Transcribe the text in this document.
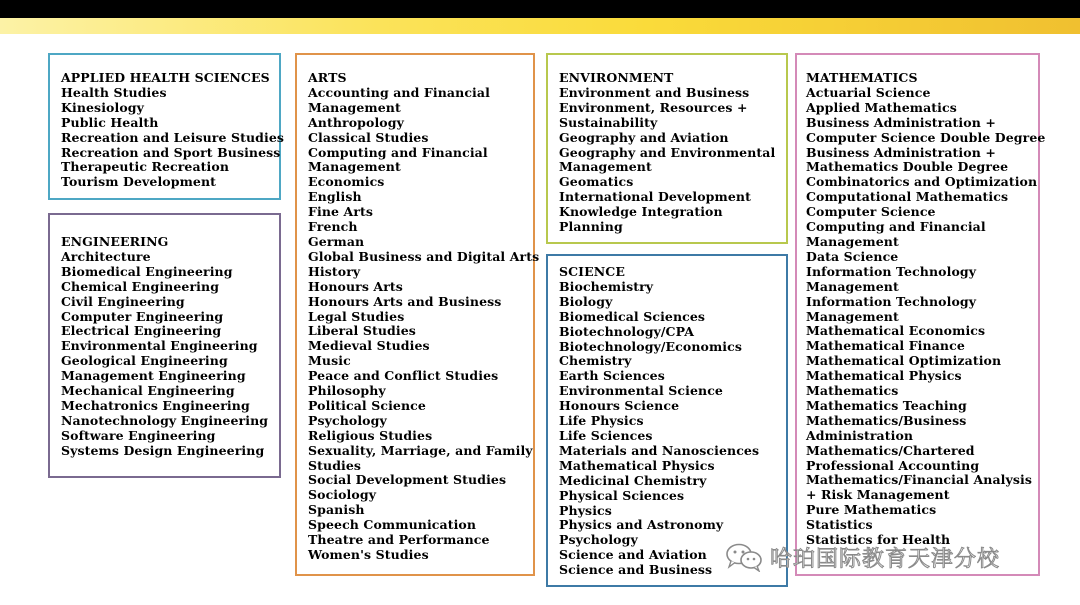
APPLIED HEALTH SCIENCES
Health Studies
Kinesiology
Public Health
Recreation and Leisure Studies
Recreation and Sport Business
Therapeutic Recreation
Tourism Development
ENGINEERING
Architecture
Biomedical Engineering
Chemical Engineering
Civil Engineering
Computer Engineering
Electrical Engineering
Environmental Engineering
Geological Engineering
Management Engineering
Mechanical Engineering
Mechatronics Engineering
Nanotechnology Engineering
Software Engineering
Systems Design Engineering
ARTS
Accounting and Financial
Management
Anthropology
Classical Studies
Computing and Financial
Management
Economics
English
Fine Arts
French
German
Global Business and Digital Arts
History
Honours Arts
Honours Arts and Business
Legal Studies
Liberal Studies
Medieval Studies
Music
Peace and Conflict Studies
Philosophy
Political Science
Psychology
Religious Studies
Sexuality, Marriage, and Family
Studies
Social Development Studies
Sociology
Spanish
Speech Communication
Theatre and Performance
Women's Studies
ENVIRONMENT
Environment and Business
Environment, Resources +
Sustainability
Geography and Aviation
Geography and Environmental
Management
Geomatics
International Development
Knowledge Integration
Planning
SCIENCE
Biochemistry
Biology
Biomedical Sciences
Biotechnology/CPA
Biotechnology/Economics
Chemistry
Earth Sciences
Environmental Science
Honours Science
Life Physics
Life Sciences
Materials and Nanosciences
Mathematical Physics
Medicinal Chemistry
Physical Sciences
Physics
Physics and Astronomy
Psychology
Science and Aviation
Science and Business
MATHEMATICS
Actuarial Science
Applied Mathematics
Business Administration +
Computer Science Double Degree
Business Administration +
Mathematics Double Degree
Combinatorics and Optimization
Computational Mathematics
Computer Science
Computing and Financial
Management
Data Science
Information Technology
Management
Information Technology
Management
Mathematical Economics
Mathematical Finance
Mathematical Optimization
Mathematical Physics
Mathematics
Mathematics Teaching
Mathematics/Business
Administration
Mathematics/Chartered
Professional Accounting
Mathematics/Financial Analysis
+ Risk Management
Pure Mathematics
Statistics
Statistics for Health
哈珀国际教育天津分校
